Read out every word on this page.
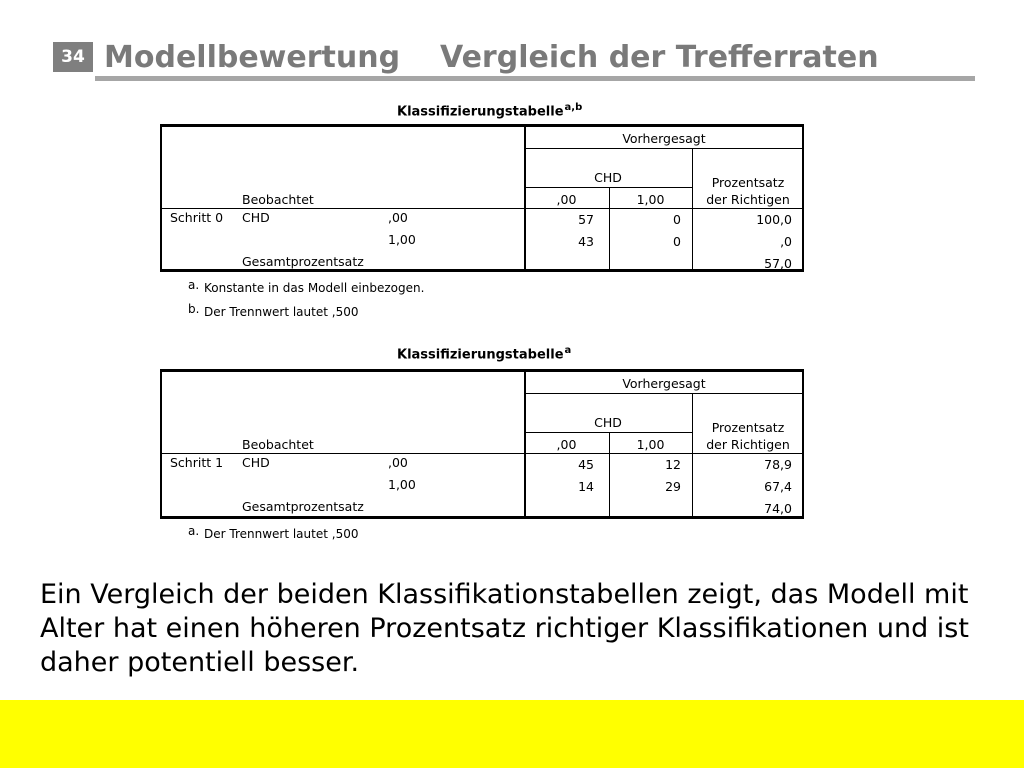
34 Modellbewertung Vergleich der Trefferraten
Klassifizierungstabelle$^{a,b}$
Vorhergesagt
CHD	Prozentsatz
der Richtigen
Beobachtet	,00	1,00
Schritt 0 CHD	,00	57	0	100,0
1,00	43	0	,0
Gesamtprozentsatz	57,0
a. Konstante in das Modell einbezogen.
b. Der Trennwert lautet ,500
Klassifizierungstabelle$^a$
Vorhergesagt
CHD	Prozentsatz
der Richtigen
Beobachtet	,00	1,00
Schritt 1 CHD	,00	45	12	78,9
1,00	14	29	67,4
Gesamtprozentsatz	74,0
a. Der Trennwert lautet ,500
Ein Vergleich der beiden Klassifikationstabellen zeigt, das Modell mit Alter hat einen höheren Prozentsatz richtiger Klassifikationen und ist daher potentiell besser.
